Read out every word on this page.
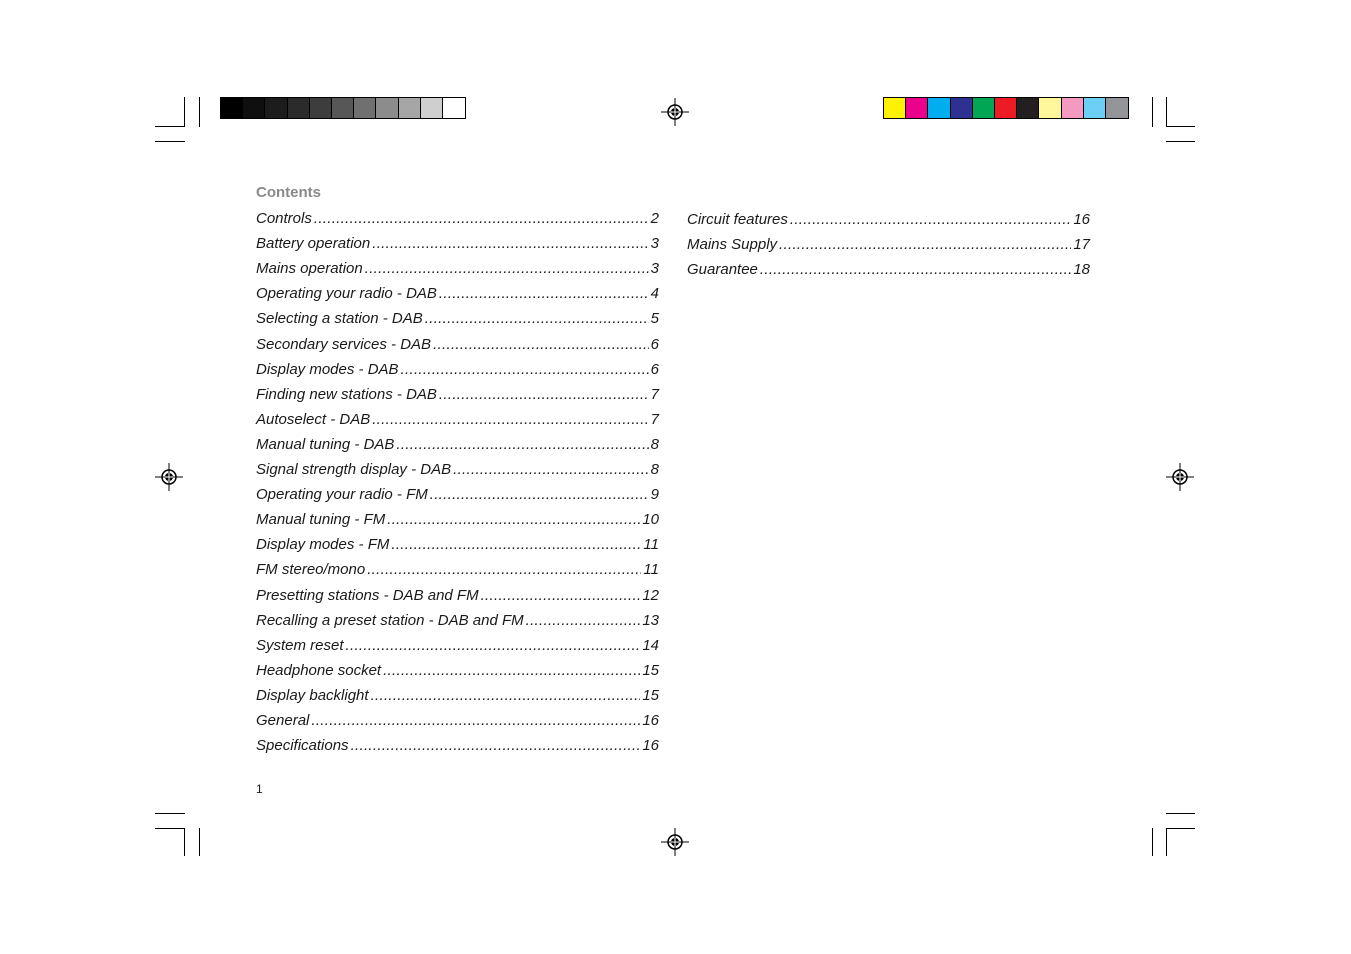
Contents
Controls .....	2
Battery operation .....	3
Mains operation .....	3
Operating your radio - DAB .....	4
Selecting a station - DAB .....	5
Secondary services - DAB .....	6
Display modes - DAB .....	6
Finding new stations - DAB .....	7
Autoselect - DAB .....	7
Manual tuning - DAB .....	8
Signal strength display - DAB .....	8
Operating your radio - FM .....	9
Manual tuning - FM .....	10
Display modes - FM .....	11
FM stereo/mono .....	11
Presetting stations - DAB and FM .....	12
Recalling a preset station - DAB and FM .....	13
System reset .....	14
Headphone socket .....	15
Display backlight .....	15
General .....	16
Specifications .....	16
Circuit features .....	16
Mains Supply .....	17
Guarantee .....	18
1
